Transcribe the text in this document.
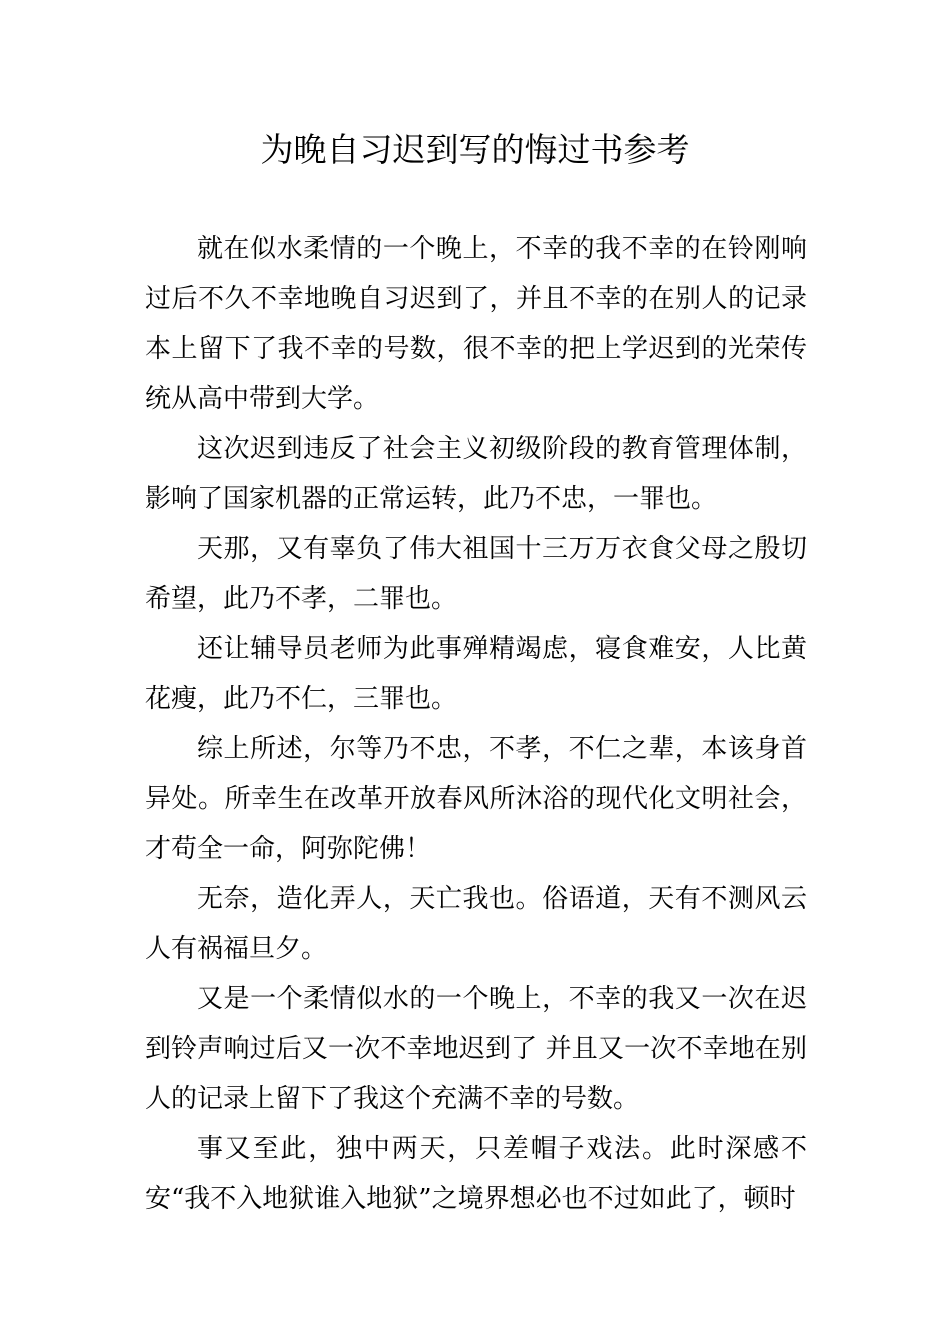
为晚自习迟到写的悔过书参考

就在似水柔情的一个晚上，不幸的我不幸的在铃刚响过后不久不幸地晚自习迟到了，并且不幸的在别人的记录本上留下了我不幸的号数，很不幸的把上学迟到的光荣传统从高中带到大学。

这次迟到违反了社会主义初级阶段的教育管理体制，影响了国家机器的正常运转，此乃不忠，一罪也。

天那，又有辜负了伟大祖国十三万万衣食父母之殷切希望，此乃不孝，二罪也。

还让辅导员老师为此事殚精竭虑，寝食难安，人比黄花瘦，此乃不仁，三罪也。

综上所述，尔等乃不忠，不孝，不仁之辈，本该身首异处。所幸生在改革开放春风所沐浴的现代化文明社会，才苟全一命，阿弥陀佛！

无奈，造化弄人，天亡我也。俗语道，天有不测风云人有祸福旦夕。

又是一个柔情似水的一个晚上，不幸的我又一次在迟到铃声响过后又一次不幸地迟到了 并且又一次不幸地在别人的记录上留下了我这个充满不幸的号数。

事又至此，独中两天，只差帽子戏法。此时深感不安“我不入地狱谁入地狱”之境界想必也不过如此了，顿时
